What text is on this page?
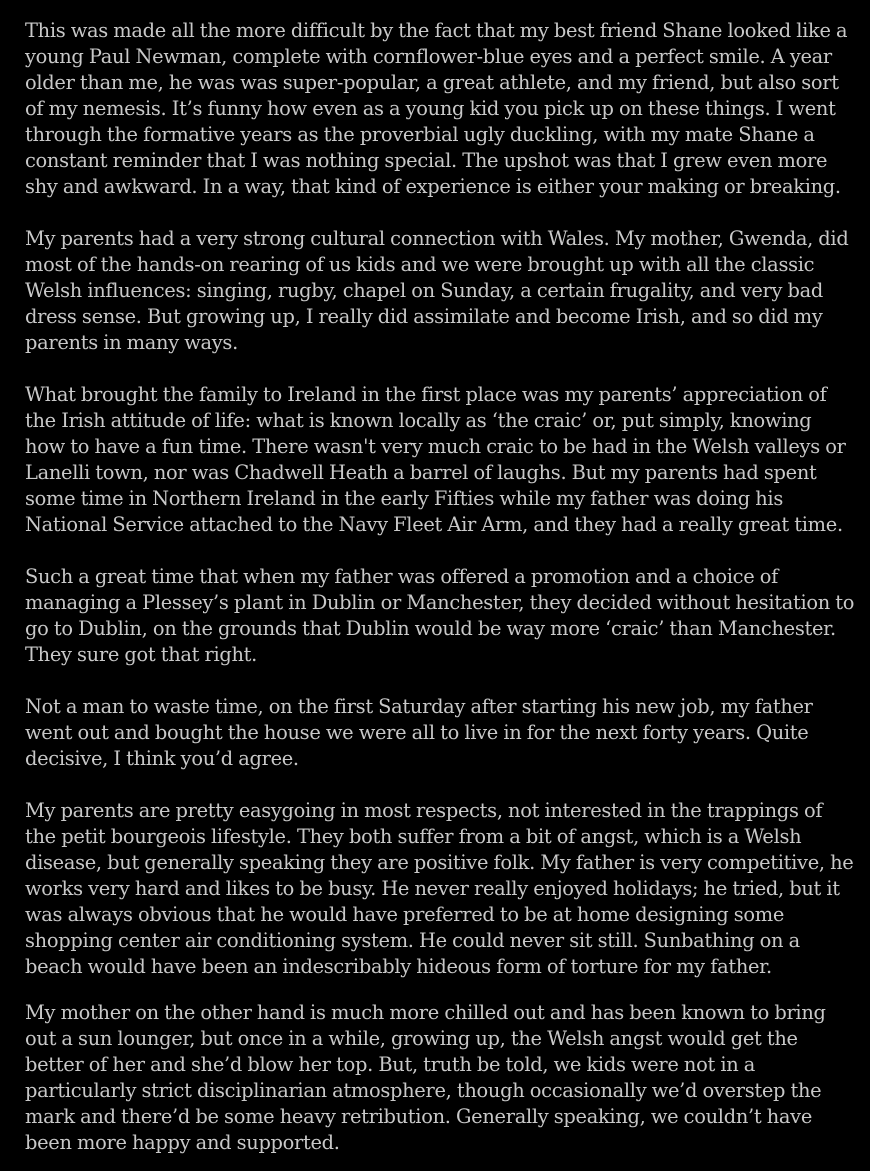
This was made all the more difficult by the fact that my best friend Shane looked like a young Paul Newman, complete with cornflower-blue eyes and a perfect smile. A year older than me, he was was super-popular, a great athlete, and my friend, but also sort of my nemesis. It’s funny how even as a young kid you pick up on these things. I went through the formative years as the proverbial ugly duckling, with my mate Shane a constant reminder that I was nothing special. The upshot was that I grew even more shy and awkward. In a way, that kind of experience is either your making or breaking.

My parents had a very strong cultural connection with Wales. My mother, Gwenda, did most of the hands-on rearing of us kids and we were brought up with all the classic Welsh influences: singing, rugby, chapel on Sunday, a certain frugality, and very bad dress sense. But growing up, I really did assimilate and become Irish, and so did my parents in many ways.

What brought the family to Ireland in the first place was my parents’ appreciation of the Irish attitude of life: what is known locally as ‘the craic’ or, put simply, knowing how to have a fun time. There wasn't very much craic to be had in the Welsh valleys or Lanelli town, nor was Chadwell Heath a barrel of laughs. But my parents had spent some time in Northern Ireland in the early Fifties while my father was doing his National Service attached to the Navy Fleet Air Arm, and they had a really great time.

Such a great time that when my father was offered a promotion and a choice of managing a Plessey’s plant in Dublin or Manchester, they decided without hesitation to go to Dublin, on the grounds that Dublin would be way more ‘craic’ than Manchester. They sure got that right.

Not a man to waste time, on the first Saturday after starting his new job, my father went out and bought the house we were all to live in for the next forty years. Quite decisive, I think you’d agree.

My parents are pretty easygoing in most respects, not interested in the trappings of the petit bourgeois lifestyle. They both suffer from a bit of angst, which is a Welsh disease, but generally speaking they are positive folk. My father is very competitive, he works very hard and likes to be busy. He never really enjoyed holidays; he tried, but it was always obvious that he would have preferred to be at home designing some shopping center air conditioning system. He could never sit still. Sunbathing on a beach would have been an indescribably hideous form of torture for my father.

My mother on the other hand is much more chilled out and has been known to bring out a sun lounger, but once in a while, growing up, the Welsh angst would get the better of her and she’d blow her top. But, truth be told, we kids were not in a particularly strict disciplinarian atmosphere, though occasionally we’d overstep the mark and there’d be some heavy retribution. Generally speaking, we couldn’t have been more happy and supported.
